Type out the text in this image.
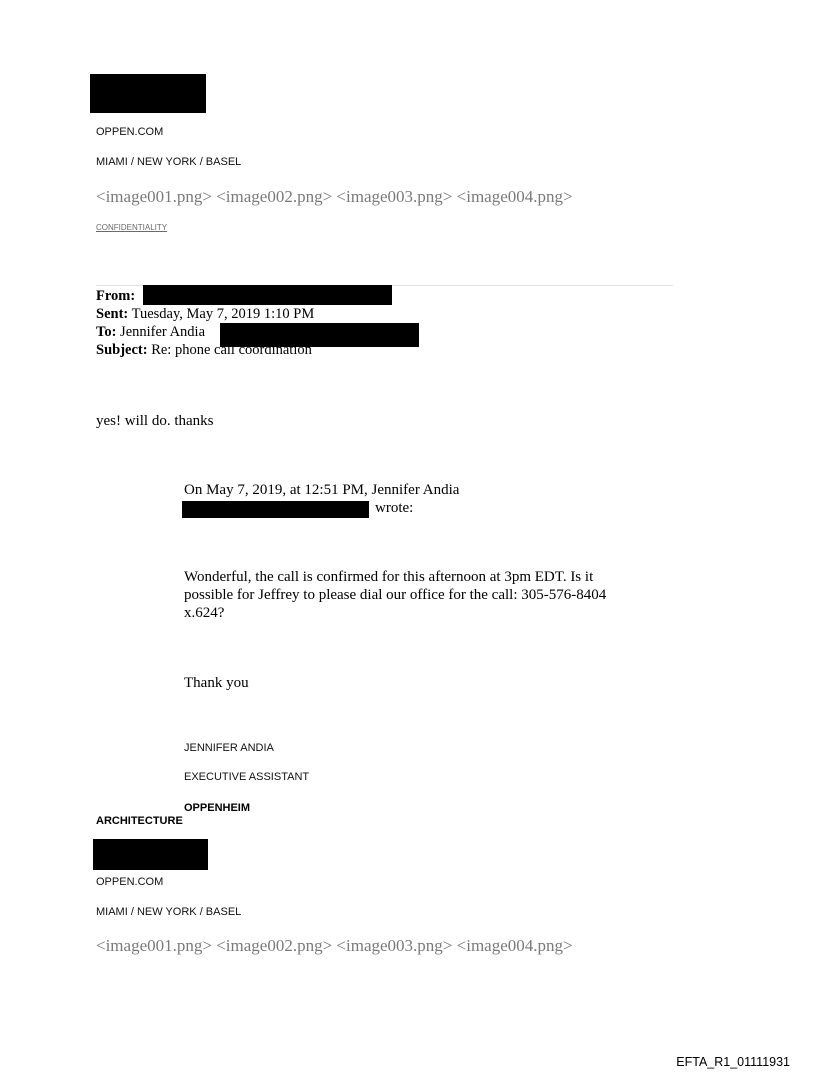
OPPEN.COM
MIAMI / NEW YORK / BASEL
<image001.png> <image002.png> <image003.png> <image004.png>
CONFIDENTIALITY
From:
Sent: Tuesday, May 7, 2019 1:10 PM
To: Jennifer Andia
Subject: Re: phone call coordination
yes! will do. thanks
On May 7, 2019, at 12:51 PM, Jennifer Andia
wrote:
Wonderful, the call is confirmed for this afternoon at 3pm EDT. Is it
possible for Jeffrey to please dial our office for the call: 305-576-8404
x.624?
Thank you
JENNIFER ANDIA
EXECUTIVE ASSISTANT
OPPENHEIM
ARCHITECTURE
OPPEN.COM
MIAMI / NEW YORK / BASEL
<image001.png> <image002.png> <image003.png> <image004.png>
EFTA_R1_01111931
